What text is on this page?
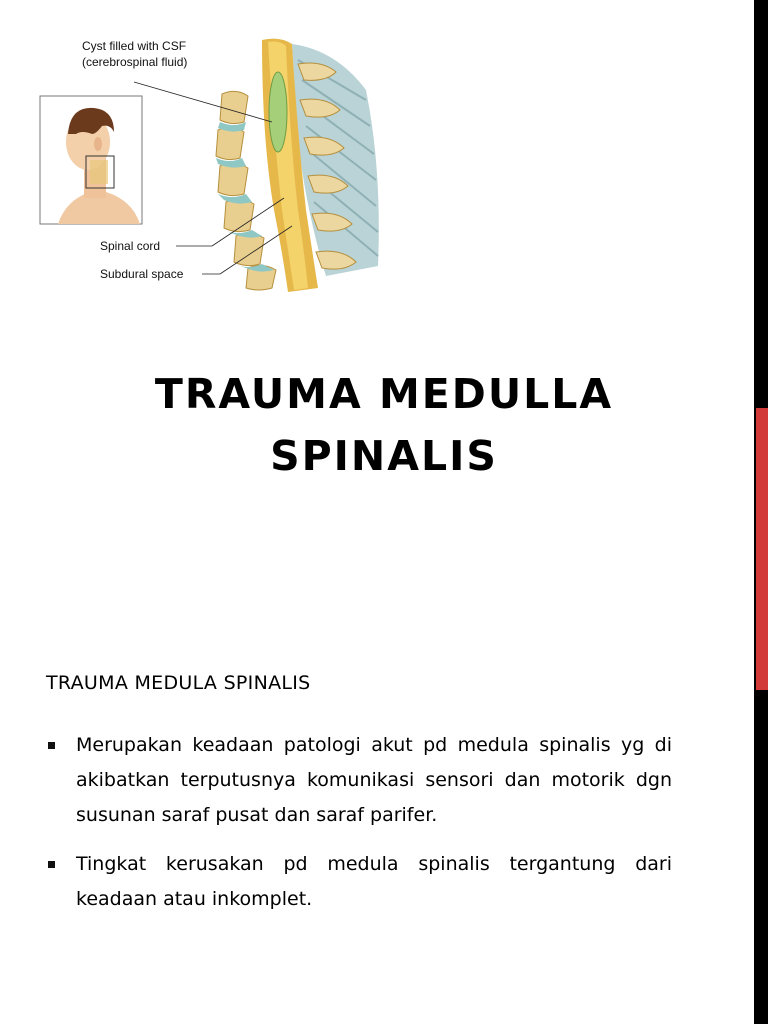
Cyst filled with CSF
(cerebrospinal fluid)
Spinal cord
Subdural space
TRAUMA MEDULLA
SPINALIS
TRAUMA MEDULA SPINALIS
Merupakan keadaan patologi akut pd medula spinalis yg di akibatkan terputusnya komunikasi sensori dan motorik dgn susunan saraf pusat dan saraf parifer.
Tingkat kerusakan pd medula spinalis tergantung dari keadaan atau inkomplet.
